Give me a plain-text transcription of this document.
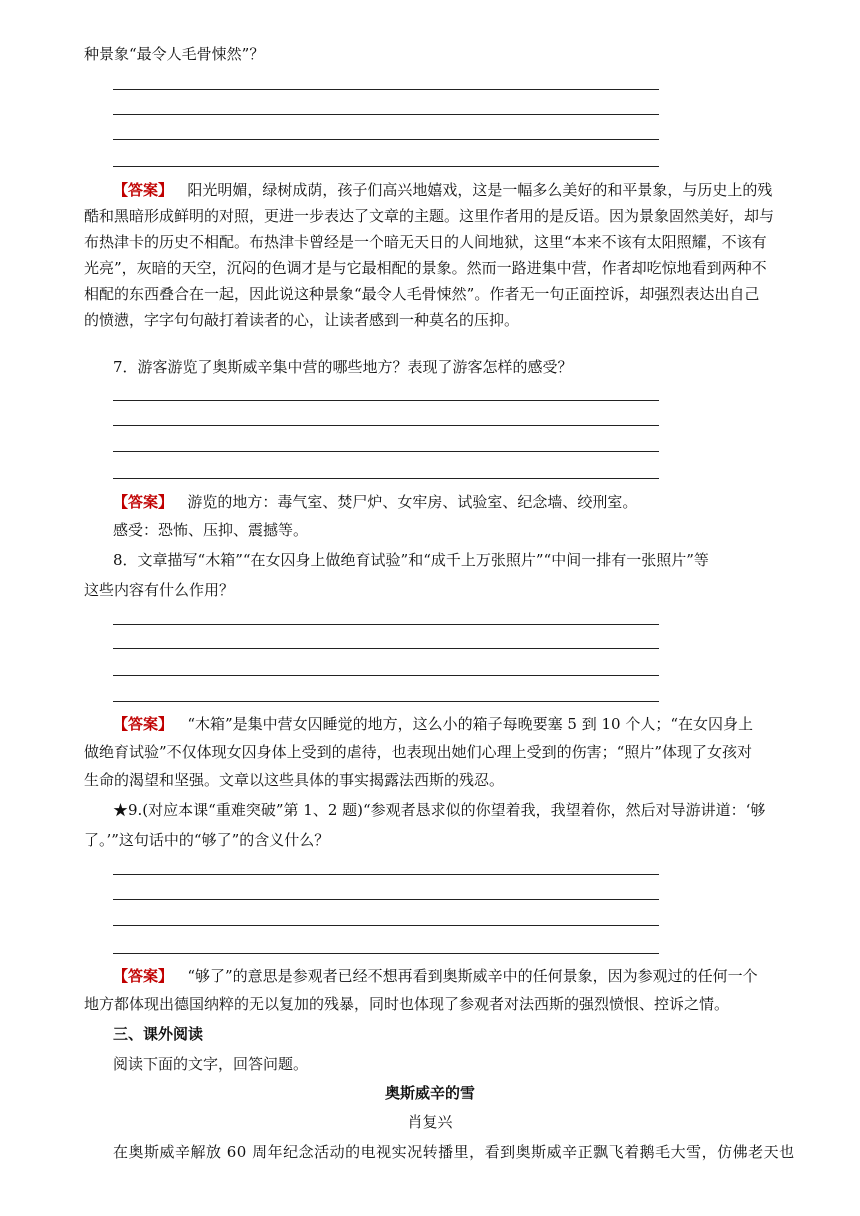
种景象“最令人毛骨悚然”？
【答案】 阳光明媚，绿树成荫，孩子们高兴地嬉戏，这是一幅多么美好的和平景象，与历史上的残
酷和黑暗形成鲜明的对照，更进一步表达了文章的主题。这里作者用的是反语。因为景象固然美好，却与
布热津卡的历史不相配。布热津卡曾经是一个暗无天日的人间地狱，这里“本来不该有太阳照耀，不该有
光亮”，灰暗的天空，沉闷的色调才是与它最相配的景象。然而一路进集中营，作者却吃惊地看到两种不
相配的东西叠合在一起，因此说这种景象“最令人毛骨悚然”。作者无一句正面控诉，却强烈表达出自己
的愤懑，字字句句敲打着读者的心，让读者感到一种莫名的压抑。
7．游客游览了奥斯威辛集中营的哪些地方？表现了游客怎样的感受？
【答案】 游览的地方：毒气室、焚尸炉、女牢房、试验室、纪念墙、绞刑室。
感受：恐怖、压抑、震撼等。
8．文章描写“木箱”“在女囚身上做绝育试验”和“成千上万张照片”“中间一排有一张照片”等
这些内容有什么作用？
【答案】 “木箱”是集中营女囚睡觉的地方，这么小的箱子每晚要塞 5 到 10 个人；“在女囚身上
做绝育试验”不仅体现女囚身体上受到的虐待，也表现出她们心理上受到的伤害；“照片”体现了女孩对
生命的渴望和坚强。文章以这些具体的事实揭露法西斯的残忍。
★9.(对应本课“重难突破”第 1、2 题)“参观者恳求似的你望着我，我望着你，然后对导游讲道：‘够
了。’”这句话中的“够了”的含义什么？
【答案】 “够了”的意思是参观者已经不想再看到奥斯威辛中的任何景象，因为参观过的任何一个
地方都体现出德国纳粹的无以复加的残暴，同时也体现了参观者对法西斯的强烈愤恨、控诉之情。
三、课外阅读
阅读下面的文字，回答问题。
奥斯威辛的雪
肖复兴
在奥斯威辛解放 60 周年纪念活动的电视实况转播里，看到奥斯威辛正飘飞着鹅毛大雪，仿佛老天也
